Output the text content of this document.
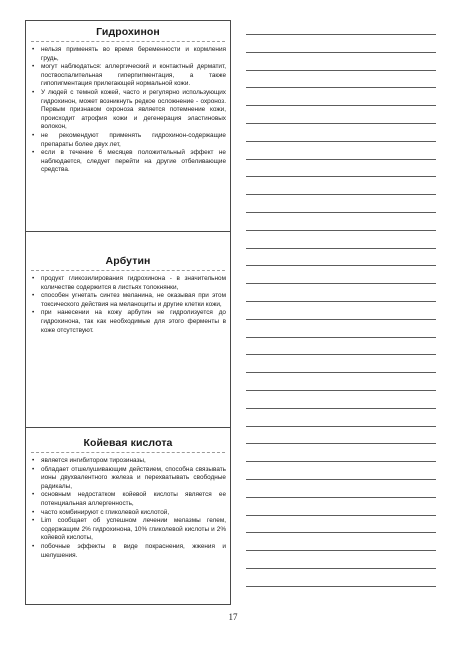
Гидрохинон
• нельзя применять во время беременности и кормления грудь,
• могут наблюдаться: аллергический и контактный дерматит, поствоспалительная гиперпигментация, а также гипопигментация прилегающей нормальной кожи.
• У людей с темной кожей, часто и регулярно использующих гидрохинон, может возникнуть редкое осложнение - охроноз. Первым признаком охроноза является потемнение кожи, происходит атрофия кожи и дегенерация эластиновых волокон,
• не рекомендуют применять гидрохинон-содержащие препараты более двух лет,
• если в течение 6 месяцев положительный эффект не наблюдается, следует перейти на другие отбеливающие средства.
Арбутин
• продукт гликозилирования гидрохинона - в значительном количестве содержится в листьях толокнянки,
• способен угнетать синтез меланина, не оказывая при этом токсического действия на меланоциты и другие клетки кожи,
• при нанесении на кожу арбутин не гидролизуется до гидрохинона, так как необходимые для этого ферменты в коже отсутствуют.
Койевая кислота
• является ингибитором тирозиназы,
• обладает отшелушивающим действием, способна связывать ионы двухвалентного железа и перехватывать свободные радикалы,
• основным недостатком койевой кислоты является ее потенциальная аллергенность,
• часто комбинируют с гликолевой кислотой,
• Lim сообщает об успешном лечении мелазмы гелем, содержащим 2% гидрохинона, 10% гликолевой кислоты и 2% койевой кислоты,
• побочные эффекты в виде покраснения, жжения и шелушения.
17
